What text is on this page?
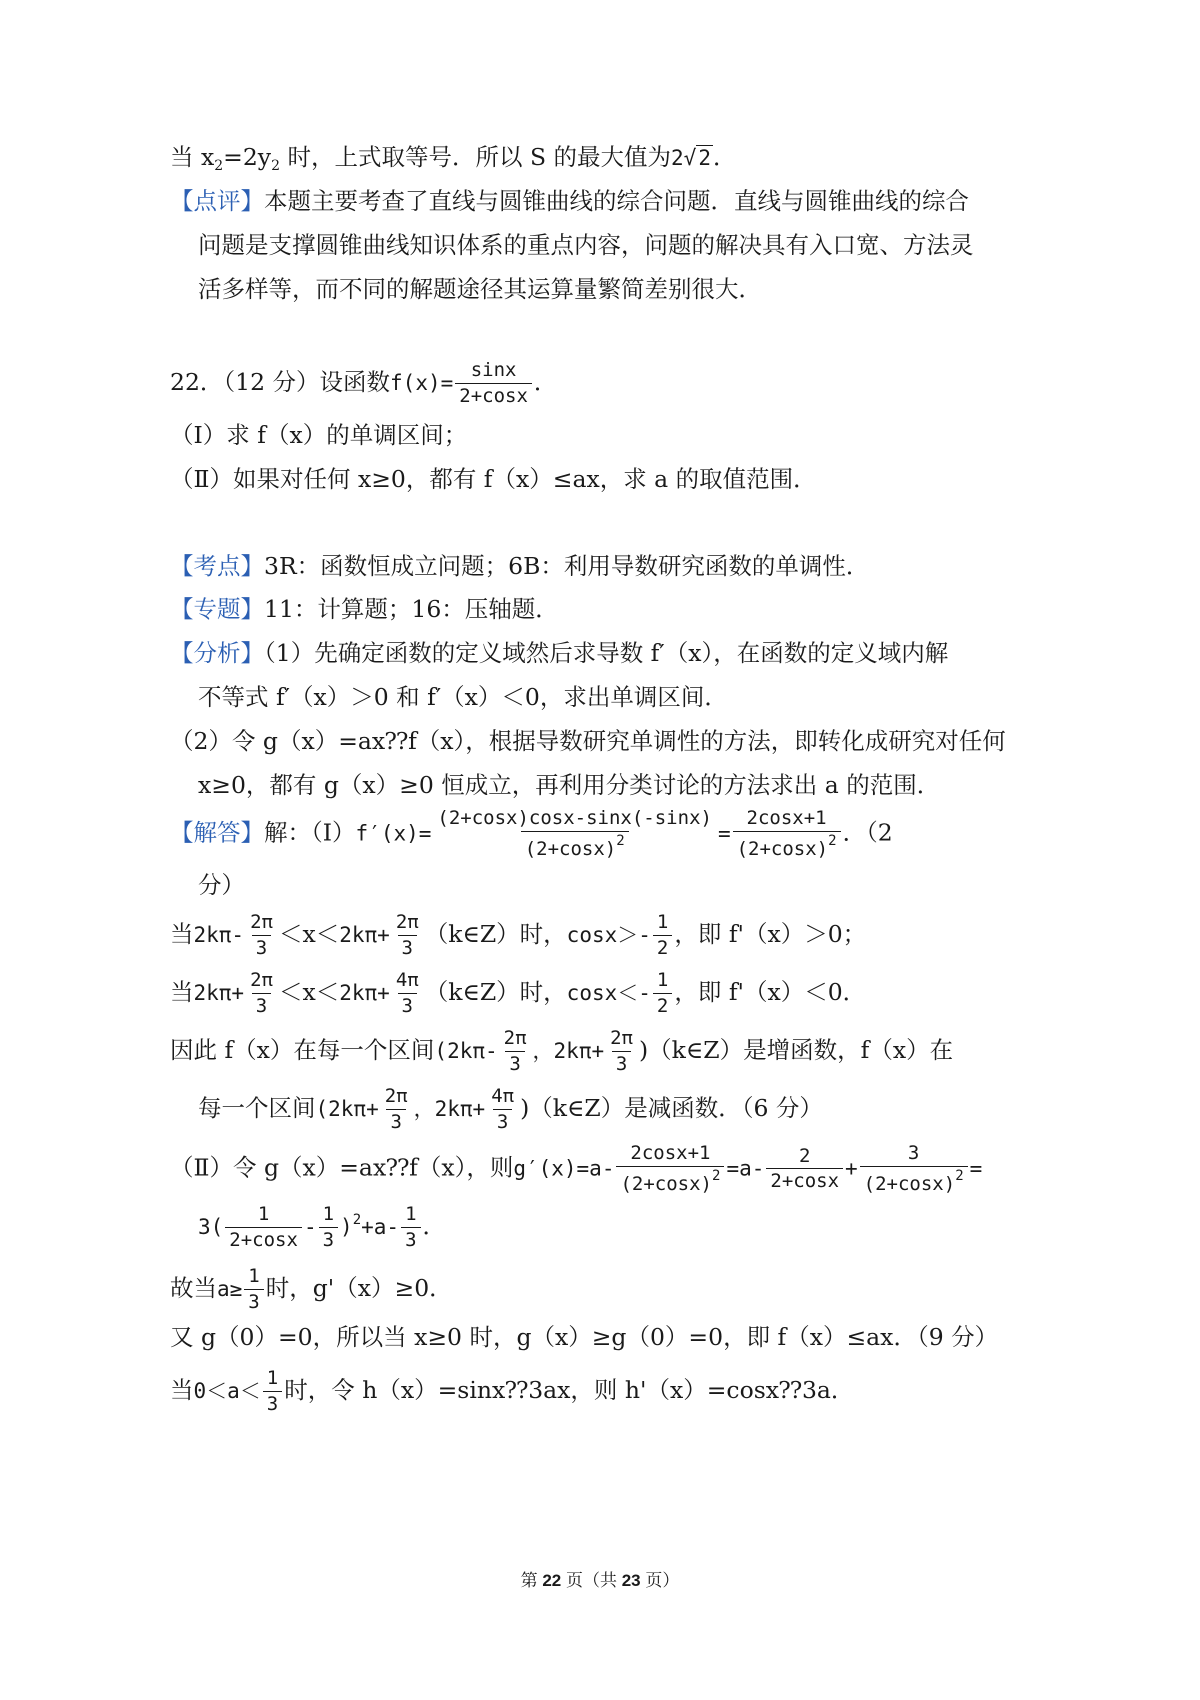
当 $x_2=2y_2$ 时，上式取等号．所以 S 的最大值为2√2．
【点评】本题主要考查了直线与圆锥曲线的综合问题．直线与圆锥曲线的综合
问题是支撑圆锥曲线知识体系的重点内容，问题的解决具有入口宽、方法灵
活多样等，而不同的解题途径其运算量繁简差别很大．
22．（12 分）设函数$f(x)= \frac{\sin x}{2+\cos x}$ ．
（Ⅰ）求 f（x）的单调区间；
（Ⅱ）如果对任何 x≥0，都有 f（x）≤ax，求 a 的取值范围．
【考点】3R：函数恒成立问题；6B：利用导数研究函数的单调性．
【专题】11：计算题；16：压轴题．
【分析】（1）先确定函数的定义域然后求导数 f′（x），在函数的定义域内解
不等式 f′（x）＞0 和 f′（x）＜0，求出单调区间．
（2）令 g（x）=ax⁇f（x），根据导数研究单调性的方法，即转化成研究对任何
x≥0，都有 g（x）≥0 恒成立，再利用分类讨论的方法求出 a 的范围．
【解答】解：（Ⅰ）f′(x)= $\frac{(2+\cos x)\cos x-\sin x(-\sin x)}{(2+\cos x)^2} = \frac{2\cos x+1}{(2+\cos x)^2}$ ．（2
分）
当$2k\pi- \frac{2\pi}{3} <x<2k\pi+ \frac{2\pi}{3}$ （k∈Z）时，$\cos x>- \frac{1}{2}$ ，即 f'（x）＞0；
当$2k\pi+ \frac{2\pi}{3} <x<2k\pi+ \frac{4\pi}{3}$ （k∈Z）时，$\cos x<- \frac{1}{2}$ ，即 f'（x）＜0．
因此 f（x）在每一个区间($2k\pi- \frac{2\pi}{3}$ ，$2k\pi+ \frac{2\pi}{3}$ )（k∈Z）是增函数，f（x）在
每一个区间($2k\pi+ \frac{2\pi}{3}$ ，$2k\pi+ \frac{4\pi}{3}$ )（k∈Z）是减函数．（6 分）
（Ⅱ）令 g（x）=ax⁇f（x），则$g'(x)=a- \frac{2\cos x+1}{(2+\cos x)^2} =a- \frac{2}{2+\cos x} + \frac{3}{(2+\cos x)^2}$ =
$3( \frac{1}{2+\cos x} - \frac{1}{3} )^2+a- \frac{1}{3}$ ．
故当$a\ge \frac{1}{3}$ 时，g'（x）≥0．
又 g（0）=0，所以当 x≥0 时，g（x）≥g（0）=0，即 f（x）≤ax．（9 分）
当$0<a< \frac{1}{3}$ 时，令 h（x）=sinx⁇3ax，则 h'（x）=cosx⁇3a．
第 22 页（共 23 页）
